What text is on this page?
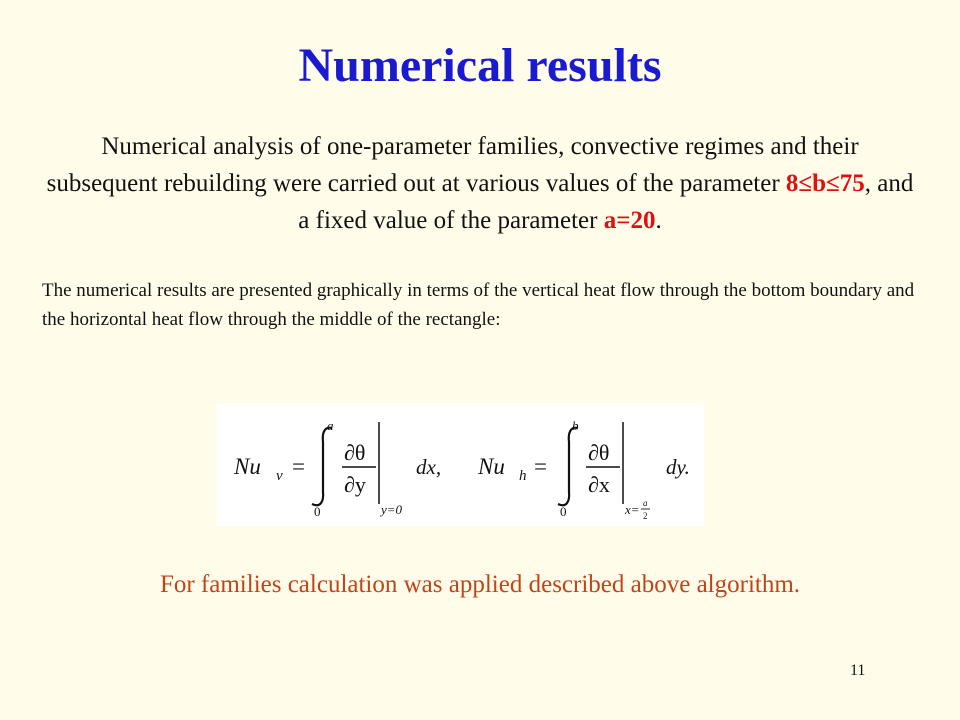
Numerical results
Numerical analysis of one-parameter families, convective regimes and their subsequent rebuilding were carried out at various values of the parameter 8≤b≤75, and a fixed value of the parameter a=20.
The numerical results are presented graphically in terms of the vertical heat flow through the bottom boundary and the horizontal heat flow through the middle of the rectangle:
Nu v =
a
0
∂θ
∂y
y=0
dx, Nu h =
b
0
∂θ
∂x
x= a
2
dy.
For families calculation was applied described above algorithm.
11
